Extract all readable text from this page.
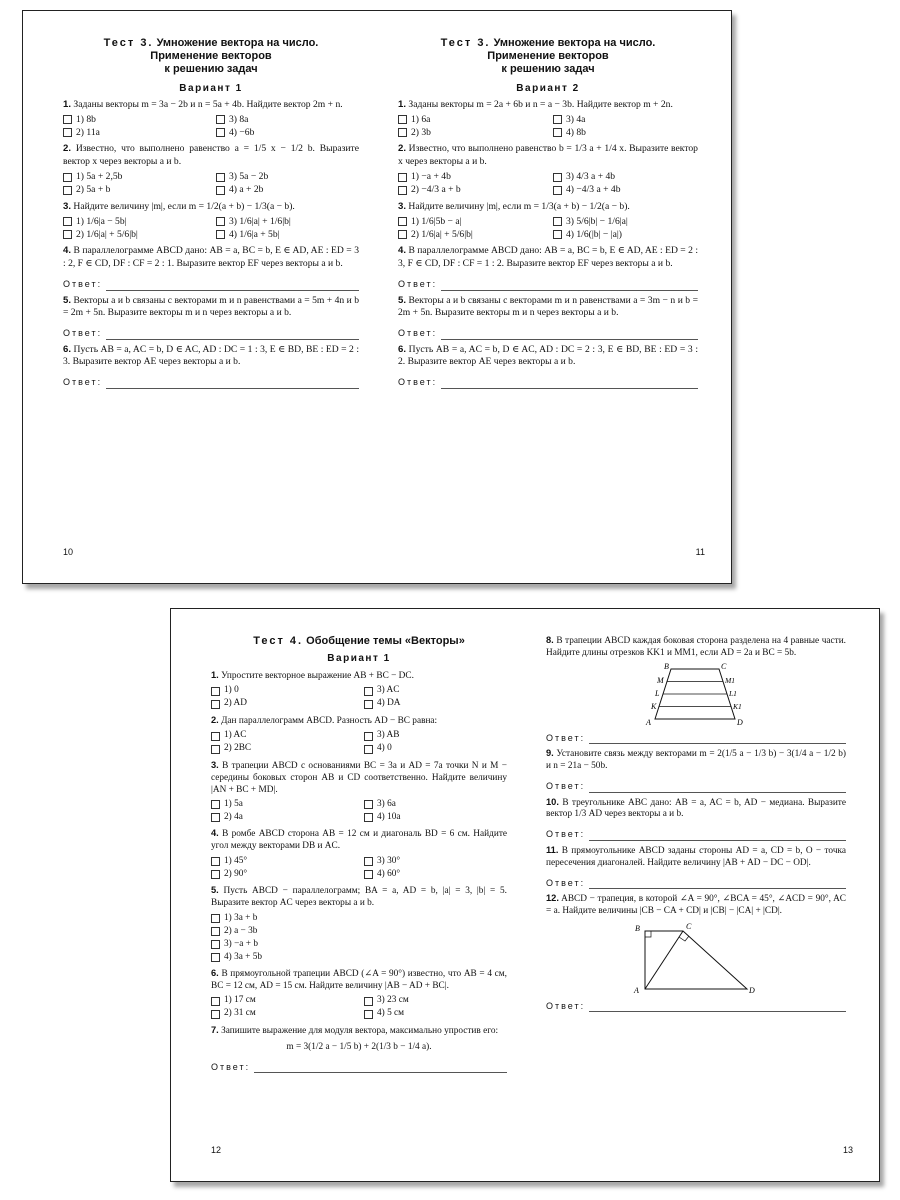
Тест 3. Умножение вектора на число.
Применение векторов
к решению задач
Вариант 1
1. Заданы векторы m = 3a − 2b и n = 5a + 4b. Найдите вектор 2m + n.
1) 8b	3) 8a
2) 11a	4) −6b
2. Известно, что выполнено равенство a = 1/5 x − 1/2 b. Выразите вектор x через векторы a и b.
1) 5a + 2,5b	3) 5a − 2b
2) 5a + b	4) a + 2b
3. Найдите величину |m|, если m = 1/2(a + b) − 1/3(a − b).
1) 1/6|a − 5b|	3) 1/6|a| + 1/6|b|
2) 1/6|a| + 5/6|b|	4) 1/6|a + 5b|
4. В параллелограмме ABCD дано: AB = a, BC = b, E ∈ AD, AE : ED = 3 : 2, F ∈ CD, DF : CF = 2 : 1. Выразите вектор EF через векторы a и b.
Ответ:
5. Векторы a и b связаны с векторами m и n равенствами a = 5m + 4n и b = 2m + 5n. Выразите векторы m и n через векторы a и b.
Ответ:
6. Пусть AB = a, AC = b, D ∈ AC, AD : DC = 1 : 3, E ∈ BD, BE : ED = 2 : 3. Выразите вектор AE через векторы a и b.
Ответ:
10
Тест 3. Умножение вектора на число.
Применение векторов
к решению задач
Вариант 2
1. Заданы векторы m = 2a + 6b и n = a − 3b. Найдите вектор m + 2n.
1) 6a	3) 4a
2) 3b	4) 8b
2. Известно, что выполнено равенство b = 1/3 a + 1/4 x. Выразите вектор x через векторы a и b.
1) −a + 4b	3) 4/3 a + 4b
2) −4/3 a + b	4) −4/3 a + 4b
3. Найдите величину |m|, если m = 1/3(a + b) − 1/2(a − b).
1) 1/6|5b − a|	3) 5/6|b| − 1/6|a|
2) 1/6|a| + 5/6|b|	4) 1/6(|b| − |a|)
4. В параллелограмме ABCD дано: AB = a, BC = b, E ∈ AD, AE : ED = 2 : 3, F ∈ CD, DF : CF = 1 : 2. Выразите вектор EF через векторы a и b.
Ответ:
5. Векторы a и b связаны с векторами m и n равенствами a = 3m − n и b = 2m + 5n. Выразите векторы m и n через векторы a и b.
Ответ:
6. Пусть AB = a, AC = b, D ∈ AC, AD : DC = 2 : 3, E ∈ BD, BE : ED = 3 : 2. Выразите вектор AE через векторы a и b.
Ответ:
11
Тест 4. Обобщение темы «Векторы»
Вариант 1
1. Упростите векторное выражение AB + BC − DC.
1) 0	3) AC
2) AD	4) DA
2. Дан параллелограмм ABCD. Разность AD − BC равна:
1) AC	3) AB
2) 2BC	4) 0
3. В трапеции ABCD с основаниями BC = 3a и AD = 7a точки N и M − середины боковых сторон AB и CD соответственно. Найдите величину |AN + BC + MD|.
1) 5a	3) 6a
2) 4a	4) 10a
4. В ромбе ABCD сторона AB = 12 см и диагональ BD = 6 см. Найдите угол между векторами DB и AC.
1) 45°	3) 30°
2) 90°	4) 60°
5. Пусть ABCD − параллелограмм; BA = a, AD = b, |a| = 3, |b| = 5. Выразите вектор AC через векторы a и b.
1) 3a + b
2) a − 3b
3) −a + b
4) 3a + 5b
6. В прямоугольной трапеции ABCD (∠A = 90°) известно, что AB = 4 см, BC = 12 см, AD = 15 см. Найдите величину |AB − AD + BC|.
1) 17 см	3) 23 см
2) 31 см	4) 5 см
7. Запишите выражение для модуля вектора, максимально упростив его:
m = 3(1/2 a − 1/5 b) + 2(1/3 b − 1/4 a).
Ответ:
12
8. В трапеции ABCD каждая боковая сторона разделена на 4 равные части. Найдите длины отрезков KK1 и MM1, если AD = 2a и BC = 5b.
B	C
M	M1
L	L1
K	K1
A	D
Ответ:
9. Установите связь между векторами m = 2(1/5 a − 1/3 b) − 3(1/4 a − 1/2 b) и n = 21a − 50b.
Ответ:
10. В треугольнике ABC дано: AB = a, AC = b, AD − медиана. Выразите вектор 1/3 AD через векторы a и b.
Ответ:
11. В прямоугольнике ABCD заданы стороны AD = a, CD = b, O − точка пересечения диагоналей. Найдите величину |AB + AD − DC − OD|.
Ответ:
12. ABCD − трапеция, в которой ∠A = 90°, ∠BCA = 45°, ∠ACD = 90°, AC = a. Найдите величины |CB − CA + CD| и |CB| − |CA| + |CD|.
B	C
A	D
Ответ:
13
